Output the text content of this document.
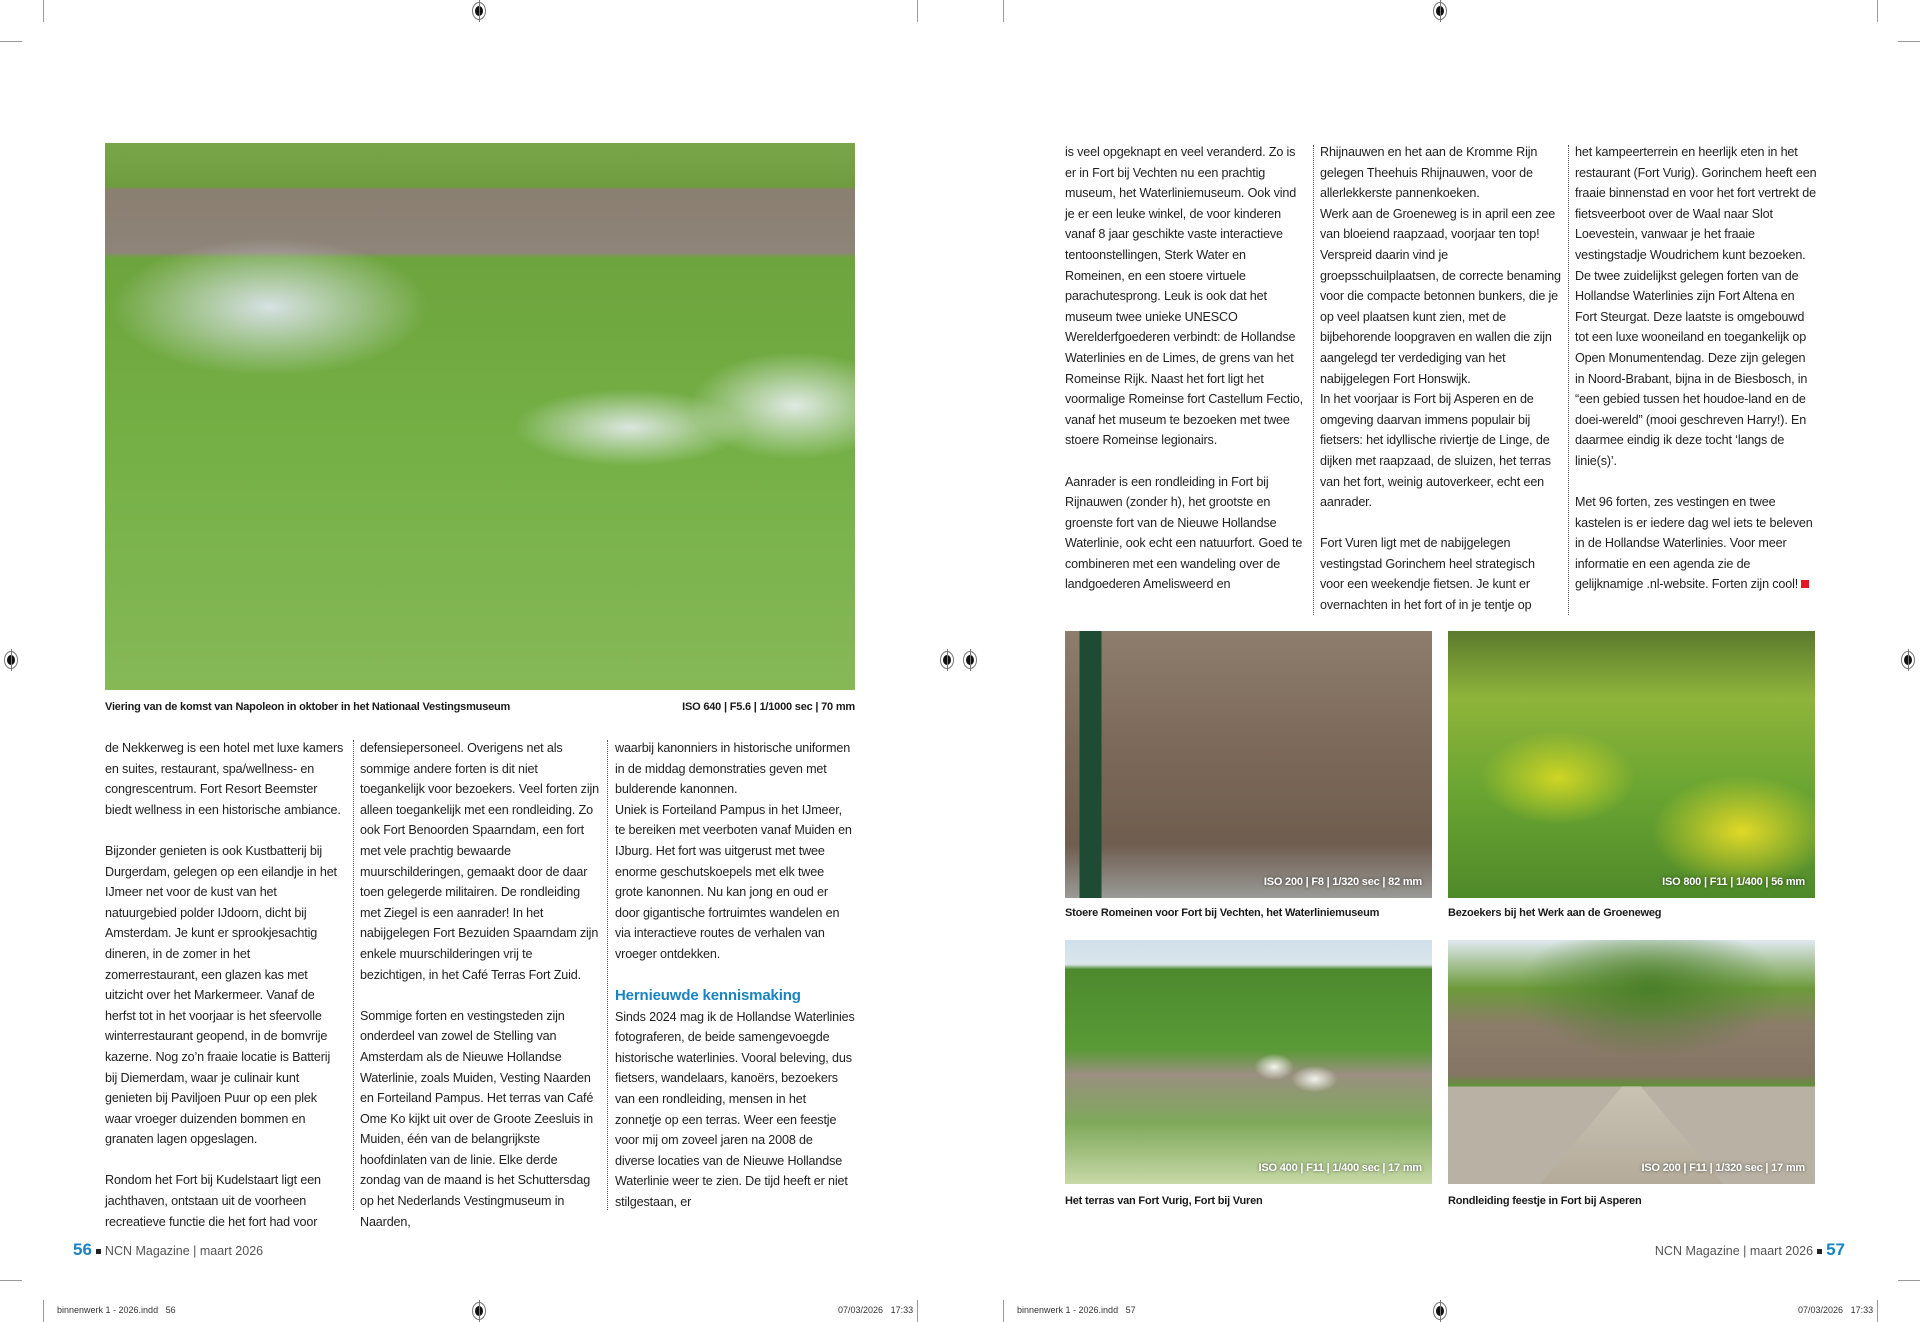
Viering van de komst van Napoleon in oktober in het Nationaal Vestingsmuseum	ISO 640 | F5.6 | 1/1000 sec | 70 mm

de Nekkerweg is een hotel met luxe kamers en suites, restaurant, spa/wellness- en congrescentrum. Fort Resort Beemster biedt wellness in een historische ambiance.

Bijzonder genieten is ook Kustbatterij bij Durgerdam, gelegen op een eilandje in het IJmeer net voor de kust van het natuurgebied polder IJdoorn, dicht bij Amsterdam. Je kunt er sprookjesachtig dineren, in de zomer in het zomerrestaurant, een glazen kas met uitzicht over het Markermeer. Vanaf de herfst tot in het voorjaar is het sfeervolle winterrestaurant geopend, in de bomvrije kazerne. Nog zo’n fraaie locatie is Batterij bij Diemerdam, waar je culinair kunt genieten bij Paviljoen Puur op een plek waar vroeger duizenden bommen en granaten lagen opgeslagen.

Rondom het Fort bij Kudelstaart ligt een jachthaven, ontstaan uit de voorheen recreatieve functie die het fort had voor

defensiepersoneel. Overigens net als sommige andere forten is dit niet toegankelijk voor bezoekers. Veel forten zijn alleen toegankelijk met een rondleiding. Zo ook Fort Benoorden Spaarndam, een fort met vele prachtig bewaarde muurschilderingen, gemaakt door de daar toen gelegerde militairen. De rondleiding met Ziegel is een aanrader! In het nabijgelegen Fort Bezuiden Spaarndam zijn enkele muurschilderingen vrij te bezichtigen, in het Café Terras Fort Zuid.

Sommige forten en vestingsteden zijn onderdeel van zowel de Stelling van Amsterdam als de Nieuwe Hollandse Waterlinie, zoals Muiden, Vesting Naarden en Forteiland Pampus. Het terras van Café Ome Ko kijkt uit over de Groote Zeesluis in Muiden, één van de belangrijkste hoofdinlaten van de linie. Elke derde zondag van de maand is het Schuttersdag op het Nederlands Vestingmuseum in Naarden,

waarbij kanonniers in historische uniformen in de middag demonstraties geven met bulderende kanonnen.

Uniek is Forteiland Pampus in het IJmeer, te bereiken met veerboten vanaf Muiden en IJburg. Het fort was uitgerust met twee enorme geschutskoepels met elk twee grote kanonnen. Nu kan jong en oud er door gigantische fortruimtes wandelen en via interactieve routes de verhalen van vroeger ontdekken.

Hernieuwde kennismaking

Sinds 2024 mag ik de Hollandse Waterlinies fotograferen, de beide samengevoegde historische waterlinies. Vooral beleving, dus fietsers, wandelaars, kanoërs, bezoekers van een rondleiding, mensen in het zonnetje op een terras. Weer een feestje voor mij om zoveel jaren na 2008 de diverse locaties van de Nieuwe Hollandse Waterlinie weer te zien. De tijd heeft er niet stilgestaan, er

56 NCN Magazine | maart 2026
binnenwerk 1 - 2026.indd 56	07/03/2026 17:33

is veel opgeknapt en veel veranderd. Zo is er in Fort bij Vechten nu een prachtig museum, het Waterliniemuseum. Ook vind je er een leuke winkel, de voor kinderen vanaf 8 jaar geschikte vaste interactieve tentoonstellingen, Sterk Water en Romeinen, en een stoere virtuele parachutesprong. Leuk is ook dat het museum twee unieke UNESCO Werelderfgoederen verbindt: de Hollandse Waterlinies en de Limes, de grens van het Romeinse Rijk. Naast het fort ligt het voormalige Romeinse fort Castellum Fectio, vanaf het museum te bezoeken met twee stoere Romeinse legionairs.

Aanrader is een rondleiding in Fort bij Rijnauwen (zonder h), het grootste en groenste fort van de Nieuwe Hollandse Waterlinie, ook echt een natuurfort. Goed te combineren met een wandeling over de landgoederen Amelisweerd en

Rhijnauwen en het aan de Kromme Rijn gelegen Theehuis Rhijnauwen, voor de allerlekkerste pannenkoeken.

Werk aan de Groeneweg is in april een zee van bloeiend raapzaad, voorjaar ten top! Verspreid daarin vind je groepsschuilplaatsen, de correcte benaming voor die compacte betonnen bunkers, die je op veel plaatsen kunt zien, met de bijbehorende loopgraven en wallen die zijn aangelegd ter verdediging van het nabijgelegen Fort Honswijk.

In het voorjaar is Fort bij Asperen en de omgeving daarvan immens populair bij fietsers: het idyllische riviertje de Linge, de dijken met raapzaad, de sluizen, het terras van het fort, weinig autoverkeer, echt een aanrader.

Fort Vuren ligt met de nabijgelegen vestingstad Gorinchem heel strategisch voor een weekendje fietsen. Je kunt er overnachten in het fort of in je tentje op

het kampeerterrein en heerlijk eten in het restaurant (Fort Vurig). Gorinchem heeft een fraaie binnenstad en voor het fort vertrekt de fietsveerboot over de Waal naar Slot Loevestein, vanwaar je het fraaie vestingstadje Woudrichem kunt bezoeken.

De twee zuidelijkst gelegen forten van de Hollandse Waterlinies zijn Fort Altena en Fort Steurgat. Deze laatste is omgebouwd tot een luxe wooneiland en toegankelijk op Open Monumentendag. Deze zijn gelegen in Noord-Brabant, bijna in de Biesbosch, in “een gebied tussen het houdoe-land en de doei-wereld” (mooi geschreven Harry!). En daarmee eindig ik deze tocht ‘langs de linie(s)’.

Met 96 forten, zes vestingen en twee kastelen is er iedere dag wel iets te beleven in de Hollandse Waterlinies. Voor meer informatie en een agenda zie de gelijknamige .nl-website. Forten zijn cool!

ISO 200 | F8 | 1/320 sec | 82 mm
Stoere Romeinen voor Fort bij Vechten, het Waterliniemuseum
ISO 800 | F11 | 1/400 | 56 mm
Bezoekers bij het Werk aan de Groeneweg
ISO 400 | F11 | 1/400 sec | 17 mm
Het terras van Fort Vurig, Fort bij Vuren
ISO 200 | F11 | 1/320 sec | 17 mm
Rondleiding feestje in Fort bij Asperen
NCN Magazine | maart 2026 57
binnenwerk 1 - 2026.indd 57	07/03/2026 17:33
